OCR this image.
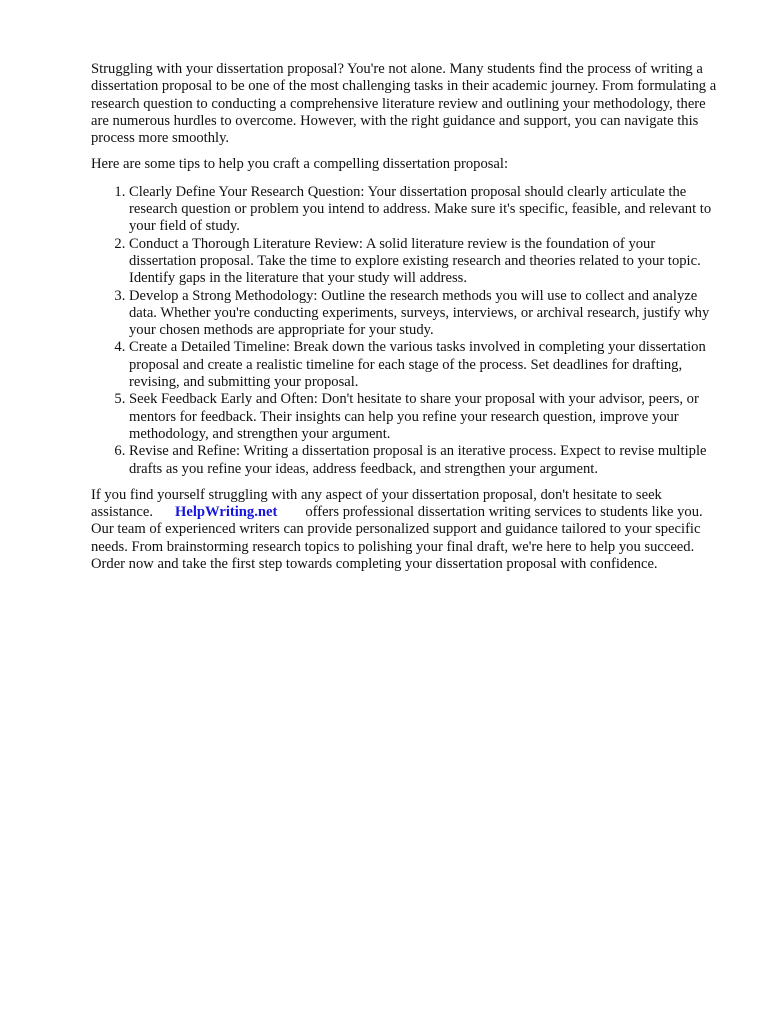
Struggling with your dissertation proposal? You're not alone. Many students find the process of writing a dissertation proposal to be one of the most challenging tasks in their academic journey. From formulating a research question to conducting a comprehensive literature review and outlining your methodology, there are numerous hurdles to overcome. However, with the right guidance and support, you can navigate this process more smoothly.

Here are some tips to help you craft a compelling dissertation proposal:

1. Clearly Define Your Research Question: Your dissertation proposal should clearly articulate the research question or problem you intend to address. Make sure it's specific, feasible, and relevant to your field of study.
2. Conduct a Thorough Literature Review: A solid literature review is the foundation of your dissertation proposal. Take the time to explore existing research and theories related to your topic. Identify gaps in the literature that your study will address.
3. Develop a Strong Methodology: Outline the research methods you will use to collect and analyze data. Whether you're conducting experiments, surveys, interviews, or archival research, justify why your chosen methods are appropriate for your study.
4. Create a Detailed Timeline: Break down the various tasks involved in completing your dissertation proposal and create a realistic timeline for each stage of the process. Set deadlines for drafting, revising, and submitting your proposal.
5. Seek Feedback Early and Often: Don't hesitate to share your proposal with your advisor, peers, or mentors for feedback. Their insights can help you refine your research question, improve your methodology, and strengthen your argument.
6. Revise and Refine: Writing a dissertation proposal is an iterative process. Expect to revise multiple drafts as you refine your ideas, address feedback, and strengthen your argument.

If you find yourself struggling with any aspect of your dissertation proposal, don't hesitate to seek assistance. HelpWriting.net offers professional dissertation writing services to students like you. Our team of experienced writers can provide personalized support and guidance tailored to your specific needs. From brainstorming research topics to polishing your final draft, we're here to help you succeed. Order now and take the first step towards completing your dissertation proposal with confidence.
